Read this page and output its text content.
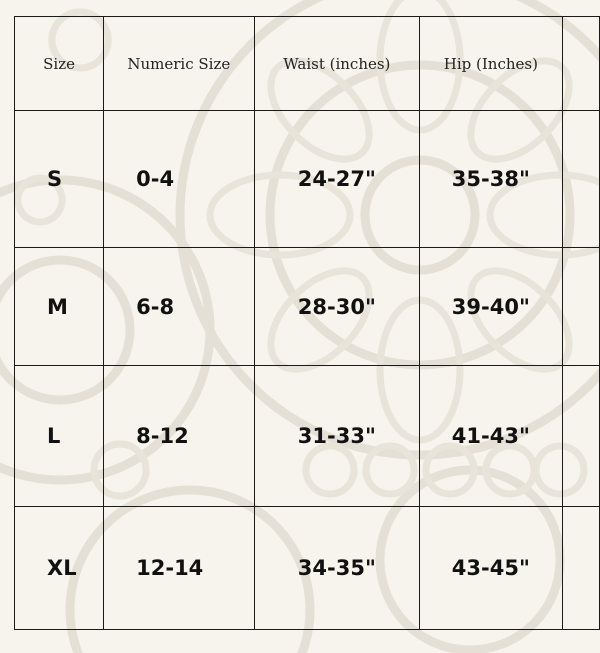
Size	Numeric Size	Waist (inches)	Hip (Inches)	
S	0-4	24-27"	35-38"	
M	6-8	28-30"	39-40"	
L	8-12	31-33"	41-43"	
XL	12-14	34-35"	43-45"	
